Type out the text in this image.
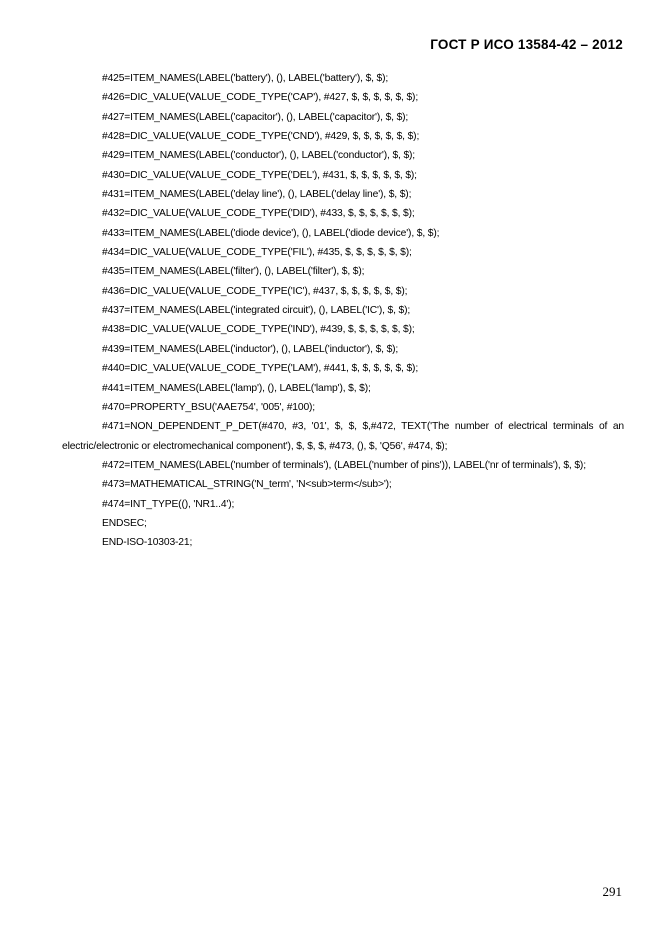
ГОСТ Р ИСО 13584-42 – 2012
#425=ITEM_NAMES(LABEL('battery'), (), LABEL('battery'), $, $);
#426=DIC_VALUE(VALUE_CODE_TYPE('CAP'), #427, $, $, $, $, $, $);
#427=ITEM_NAMES(LABEL('capacitor'), (), LABEL('capacitor'), $, $);
#428=DIC_VALUE(VALUE_CODE_TYPE('CND'), #429, $, $, $, $, $, $);
#429=ITEM_NAMES(LABEL('conductor'), (), LABEL('conductor'), $, $);
#430=DIC_VALUE(VALUE_CODE_TYPE('DEL'), #431, $, $, $, $, $, $);
#431=ITEM_NAMES(LABEL('delay line'), (), LABEL('delay line'), $, $);
#432=DIC_VALUE(VALUE_CODE_TYPE('DID'), #433, $, $, $, $, $, $);
#433=ITEM_NAMES(LABEL('diode device'), (), LABEL('diode device'), $, $);
#434=DIC_VALUE(VALUE_CODE_TYPE('FIL'), #435, $, $, $, $, $, $);
#435=ITEM_NAMES(LABEL('filter'), (), LABEL('filter'), $, $);
#436=DIC_VALUE(VALUE_CODE_TYPE('IC'), #437, $, $, $, $, $, $);
#437=ITEM_NAMES(LABEL('integrated circuit'), (), LABEL('IC'), $, $);
#438=DIC_VALUE(VALUE_CODE_TYPE('IND'), #439, $, $, $, $, $, $);
#439=ITEM_NAMES(LABEL('inductor'), (), LABEL('inductor'), $, $);
#440=DIC_VALUE(VALUE_CODE_TYPE('LAM'), #441, $, $, $, $, $, $);
#441=ITEM_NAMES(LABEL('lamp'), (), LABEL('lamp'), $, $);
#470=PROPERTY_BSU('AAE754', '005', #100);
#471=NON_DEPENDENT_P_DET(#470, #3, '01', $, $, $,#472, TEXT('The number of electrical terminals of an electric/electronic or electromechanical component'), $, $, $, #473, (), $, 'Q56', #474, $);
#472=ITEM_NAMES(LABEL('number of terminals'), (LABEL('number of pins')), LABEL('nr of terminals'), $, $);
#473=MATHEMATICAL_STRING('N_term', 'N<sub>term</sub>');
#474=INT_TYPE((), 'NR1..4');
ENDSEC;
END-ISO-10303-21;
291
